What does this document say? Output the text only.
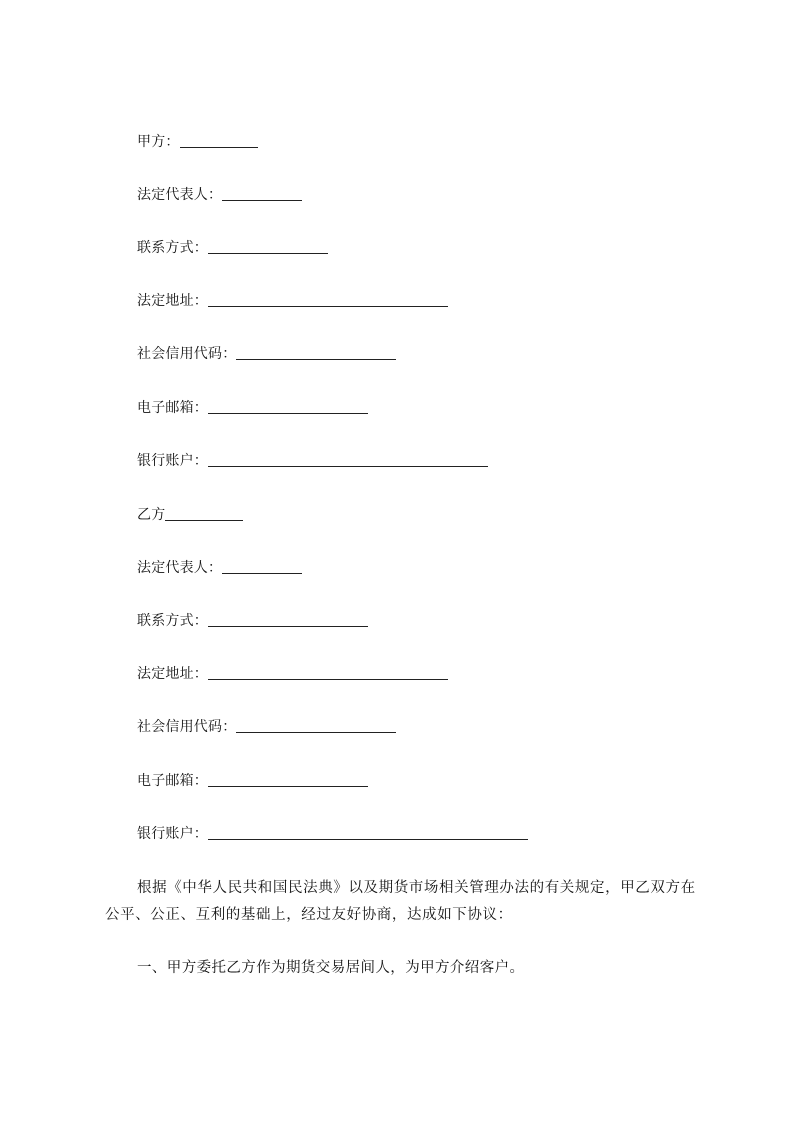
甲方：
法定代表人：
联系方式：
法定地址：
社会信用代码：
电子邮箱：
银行账户：
乙方
法定代表人：
联系方式：
法定地址：
社会信用代码：
电子邮箱：
银行账户：
根据《中华人民共和国民法典》以及期货市场相关管理办法的有关规定，甲乙双方在公平、公正、互利的基础上，经过友好协商，达成如下协议：
一、甲方委托乙方作为期货交易居间人，为甲方介绍客户。
